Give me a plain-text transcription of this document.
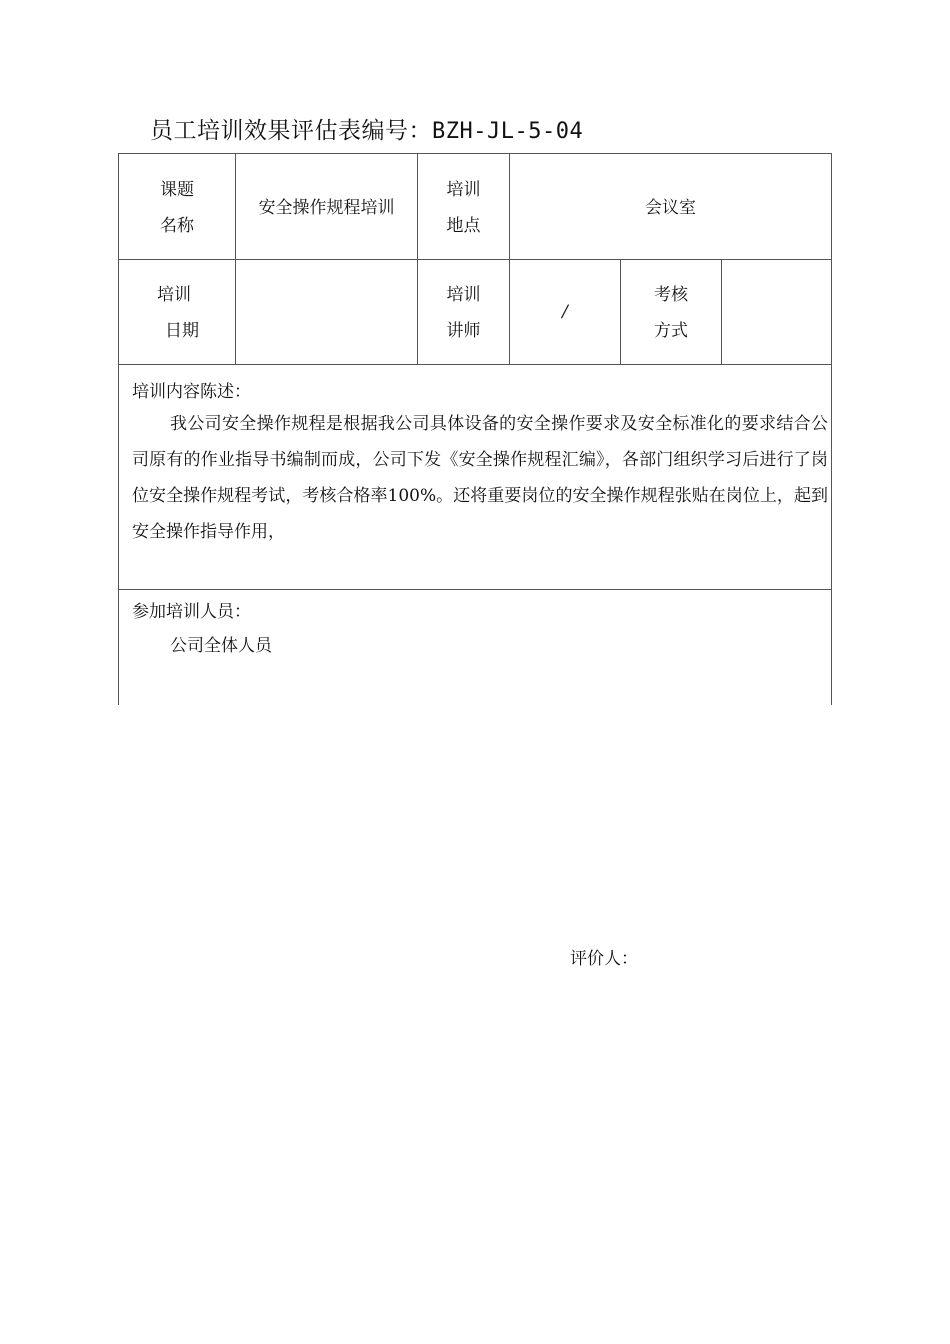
员工培训效果评估表编号：BZH-JL-5-04
课题
名称
安全操作规程培训
培训
地点
会议室
培训
日期
培训
讲师
/
考核
方式
培训内容陈述：
我公司安全操作规程是根据我公司具体设备的安全操作要求及安全标准化的要求结合公司原有的作业指导书编制而成，公司下发《安全操作规程汇编》，各部门组织学习后进行了岗位安全操作规程考试，考核合格率100%。还将重要岗位的安全操作规程张贴在岗位上，起到安全操作指导作用，
参加培训人员：
公司全体人员
评价人：
